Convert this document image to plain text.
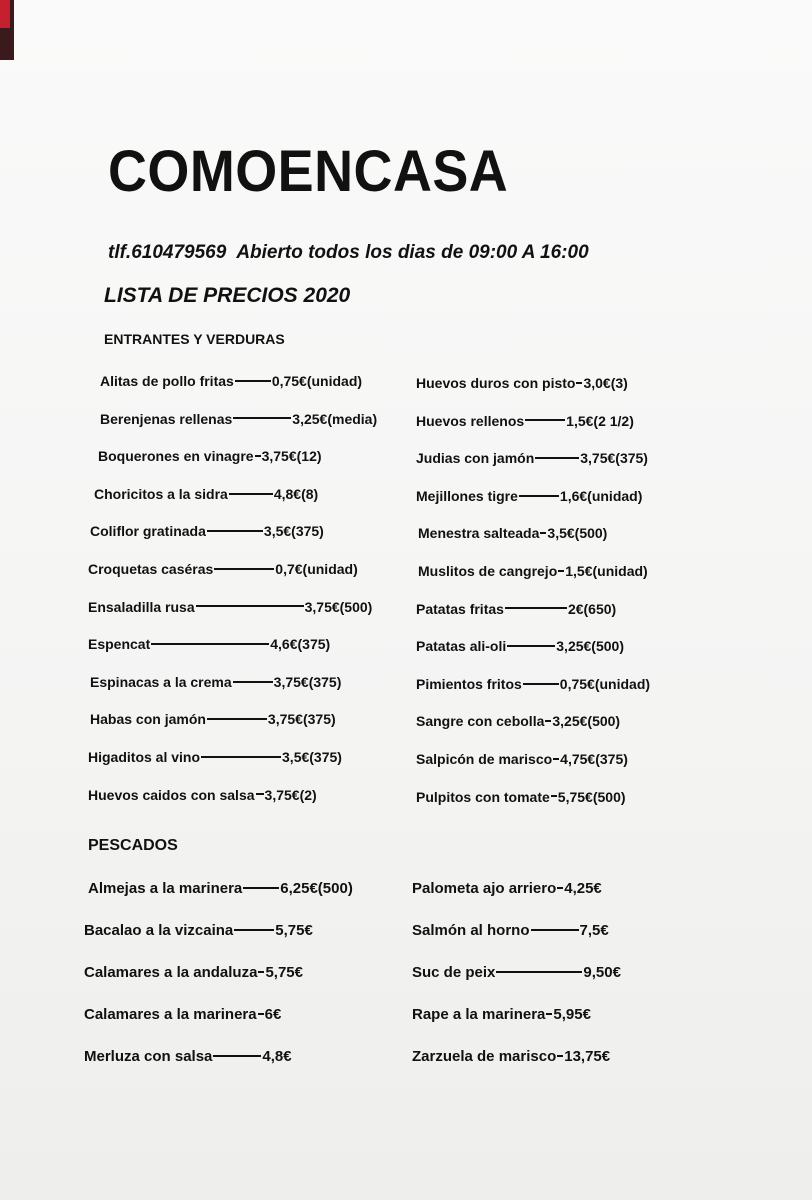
COMOENCASA
tlf.610479569 Abierto todos los dias de 09:00 A 16:00
LISTA DE PRECIOS 2020
ENTRANTES Y VERDURAS
PESCADOS
Alitas de pollo fritas	0,75€(unidad)
Berenjenas rellenas	3,25€(media)
Boquerones en vinagre 3,75€(12)
Choricitos a la sidra	4,8€(8)
Coliflor gratinada	3,5€(375)
Croquetas caséras	0,7€(unidad)
Ensaladilla rusa	3,75€(500)
Espencat	4,6€(375)
Espinacas a la crema	3,75€(375)
Habas con jamón	3,75€(375)
Higaditos al vino	3,5€(375)
Huevos caidos con salsa 3,75€(2)
Huevos duros con pisto 3,0€(3)
Huevos rellenos	1,5€(2 1/2)
Judias con jamón	3,75€(375)
Mejillones tigre	1,6€(unidad)
Menestra salteada 3,5€(500)
Muslitos de cangrejo 1,5€(unidad)
Patatas fritas	2€(650)
Patatas ali-oli	3,25€(500)
Pimientos fritos	0,75€(unidad)
Sangre con cebolla 3,25€(500)
Salpicón de marisco 4,75€(375)
Pulpitos con tomate 5,75€(500)
Almejas a la marinera	6,25€(500)
Bacalao a la vizcaina	5,75€
Calamares a la andaluza 5,75€
Calamares a la marinera 6€
Merluza con salsa	4,8€
Palometa ajo arriero 4,25€
Salmón al horno	7,5€
Suc de peix	9,50€
Rape a la marinera 5,95€
Zarzuela de marisco 13,75€
